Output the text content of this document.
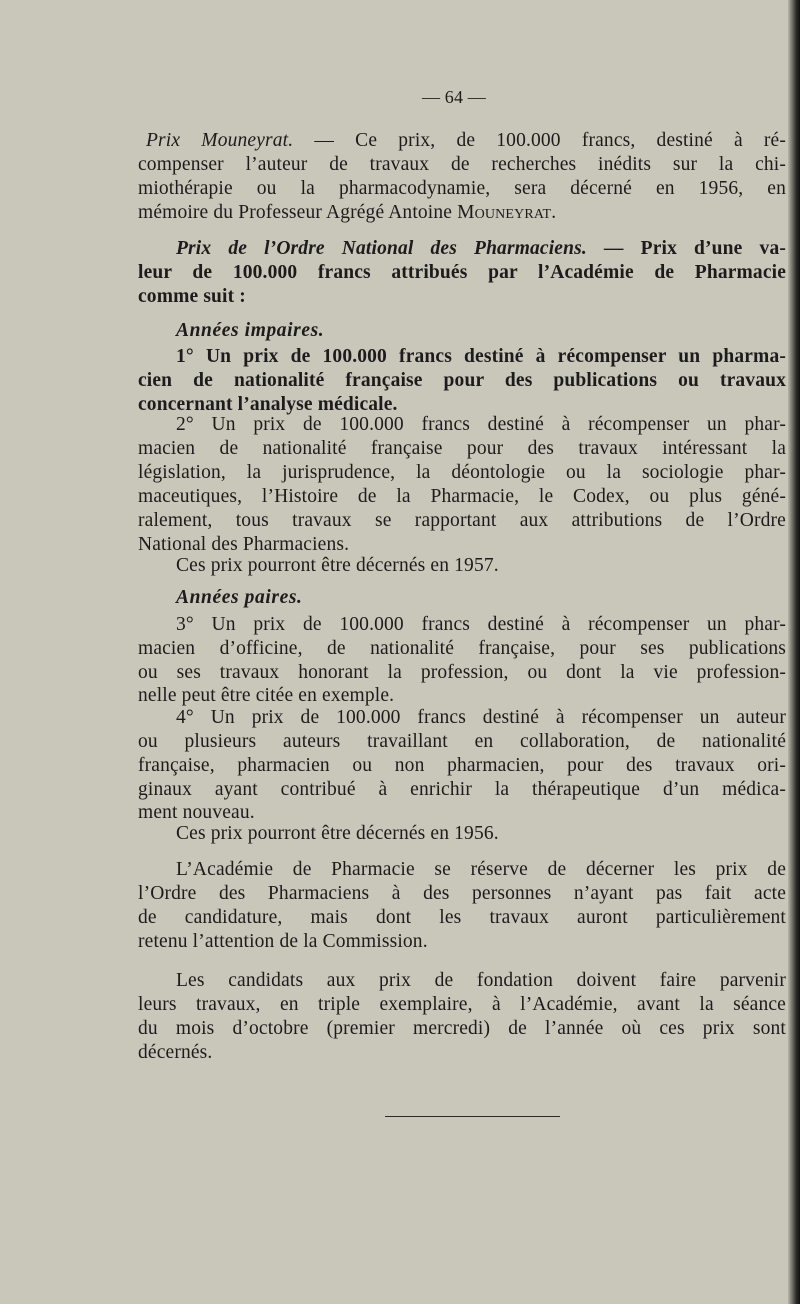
— 64 —
Prix Mouneyrat. — Ce prix, de 100.000 francs, destiné à ré-
compenser l’auteur de travaux de recherches inédits sur la chi-
miothérapie ou la pharmacodynamie, sera décerné en 1956, en
mémoire du Professeur Agrégé Antoine Mouneyrat.
Prix de l’Ordre National des Pharmaciens. — Prix d’une va-
leur de 100.000 francs attribués par l’Académie de Pharmacie
comme suit :
Années impaires.
1° Un prix de 100.000 francs destiné à récompenser un pharma-
cien de nationalité française pour des publications ou travaux
concernant l’analyse médicale.
2° Un prix de 100.000 francs destiné à récompenser un phar-
macien de nationalité française pour des travaux intéressant la
législation, la jurisprudence, la déontologie ou la sociologie phar-
maceutiques, l’Histoire de la Pharmacie, le Codex, ou plus géné-
ralement, tous travaux se rapportant aux attributions de l’Ordre
National des Pharmaciens.
Ces prix pourront être décernés en 1957.
Années paires.
3° Un prix de 100.000 francs destiné à récompenser un phar-
macien d’officine, de nationalité française, pour ses publications
ou ses travaux honorant la profession, ou dont la vie profession-
nelle peut être citée en exemple.
4° Un prix de 100.000 francs destiné à récompenser un auteur
ou plusieurs auteurs travaillant en collaboration, de nationalité
française, pharmacien ou non pharmacien, pour des travaux ori-
ginaux ayant contribué à enrichir la thérapeutique d’un médica-
ment nouveau.
Ces prix pourront être décernés en 1956.
L’Académie de Pharmacie se réserve de décerner les prix de
l’Ordre des Pharmaciens à des personnes n’ayant pas fait acte
de candidature, mais dont les travaux auront particulièrement
retenu l’attention de la Commission.
Les candidats aux prix de fondation doivent faire parvenir
leurs travaux, en triple exemplaire, à l’Académie, avant la séance
du mois d’octobre (premier mercredi) de l’année où ces prix sont
décernés.
